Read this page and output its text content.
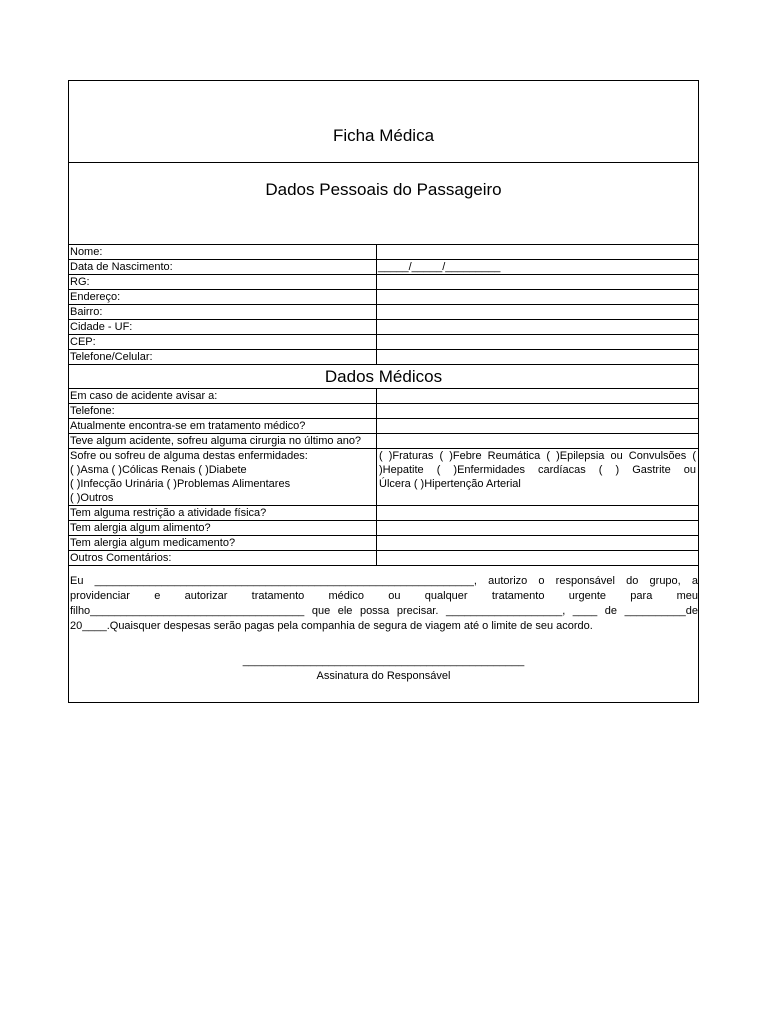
Ficha Médica
Dados Pessoais do Passageiro
Nome:	
Data de Nascimento:	_____/_____/_________
RG:	
Endereço:	
Bairro:	
Cidade - UF:	
CEP:	
Telefone/Celular:	
Dados Médicos	
Em caso de acidente avisar a:	
Telefone:	
Atualmente encontra-se em tratamento médico?	
Teve algum acidente, sofreu alguma cirurgia no último ano?	

Sofre ou sofreu de alguma destas enfermidades:
( )Asma ( )Cólicas Renais ( )Diabete
( )Infecção Urinária ( )Problemas Alimentares
( )Outros	( )Fraturas ( )Febre Reumática ( )Epilepsia ou Convulsões (
)Hepatite ( )Enfermidades cardíacas ( ) Gastrite ou
Úlcera ( )Hipertenção Arterial

Tem alguma restrição a atividade física?	
Tem alergia algum alimento?	
Tem alergia algum medicamento?	
Outros Comentários:	
Eu ______________________________________________________________, autorizo o responsável do grupo, a providenciar e autorizar tratamento médico ou qualquer tratamento urgente para meu filho___________________________________ que ele possa precisar. ___________________, ____ de __________de 20____.Quaisquer despesas serão pagas pela companhia de segura de viagem até o limite de seu acordo.
______________________________________________
Assinatura do Responsável
